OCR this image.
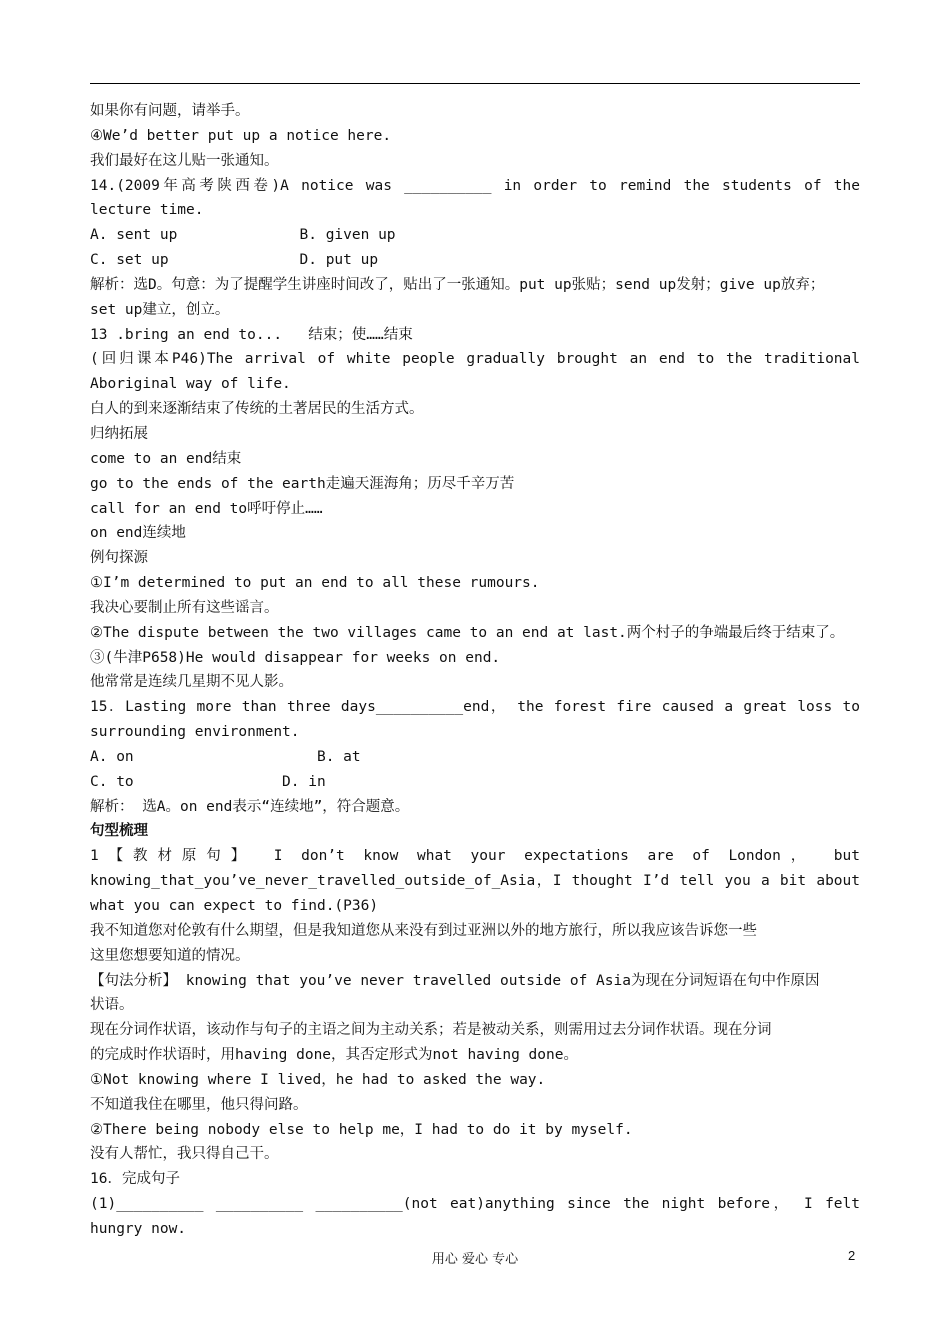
如果你有问题，请举手。
④We’d better put up a notice here.
我们最好在这儿贴一张通知。
14.(2009年高考陕西卷)A notice was __________ in order to remind the students of the
lecture time.
A. sent up              B. given up
C. set up               D. put up
解析：选D。句意：为了提醒学生讲座时间改了，贴出了一张通知。put up张贴；send up发射；give up放弃；
set up建立，创立。
13 .bring an end to...   结束；使……结束
(回归课本P46)The arrival of white people gradually brought an end to the traditional
Aboriginal way of life.
白人的到来逐渐结束了传统的土著居民的生活方式。
归纳拓展
come to an end结束
go to the ends of the earth走遍天涯海角；历尽千辛万苦
call for an end to呼吁停止……
on end连续地
例句探源
①I’m determined to put an end to all these rumours.
我决心要制止所有这些谣言。
②The dispute between the two villages came to an end at last.两个村子的争端最后终于结束了。
③(牛津P658)He would disappear for weeks on end.
他常常是连续几星期不见人影。
15．Lasting more than three days__________end， the forest fire caused a great loss to
surrounding environment.
A. on                     B. at
C. to                 D. in
解析： 选A。on end表示“连续地”，符合题意。
句型梳理
1【教材原句】 I don’t know what your expectations are of London， but
knowing_that_you’ve_never_travelled_outside_of_Asia，I thought I’d tell you a bit about
what you can expect to find.(P36)
我不知道您对伦敦有什么期望，但是我知道您从来没有到过亚洲以外的地方旅行，所以我应该告诉您一些
这里您想要知道的情况。
【句法分析】 knowing that you’ve never travelled outside of Asia为现在分词短语在句中作原因
状语。
现在分词作状语，该动作与句子的主语之间为主动关系；若是被动关系，则需用过去分词作状语。现在分词
的完成时作状语时，用having done，其否定形式为not having done。
①Not knowing where I lived，he had to asked the way.
不知道我住在哪里，他只得问路。
②There being nobody else to help me，I had to do it by myself.
没有人帮忙，我只得自己干。
16．完成句子
(1)__________ __________ __________(not eat)anything since the night before， I felt
hungry now.
用心 爱心 专心	2
